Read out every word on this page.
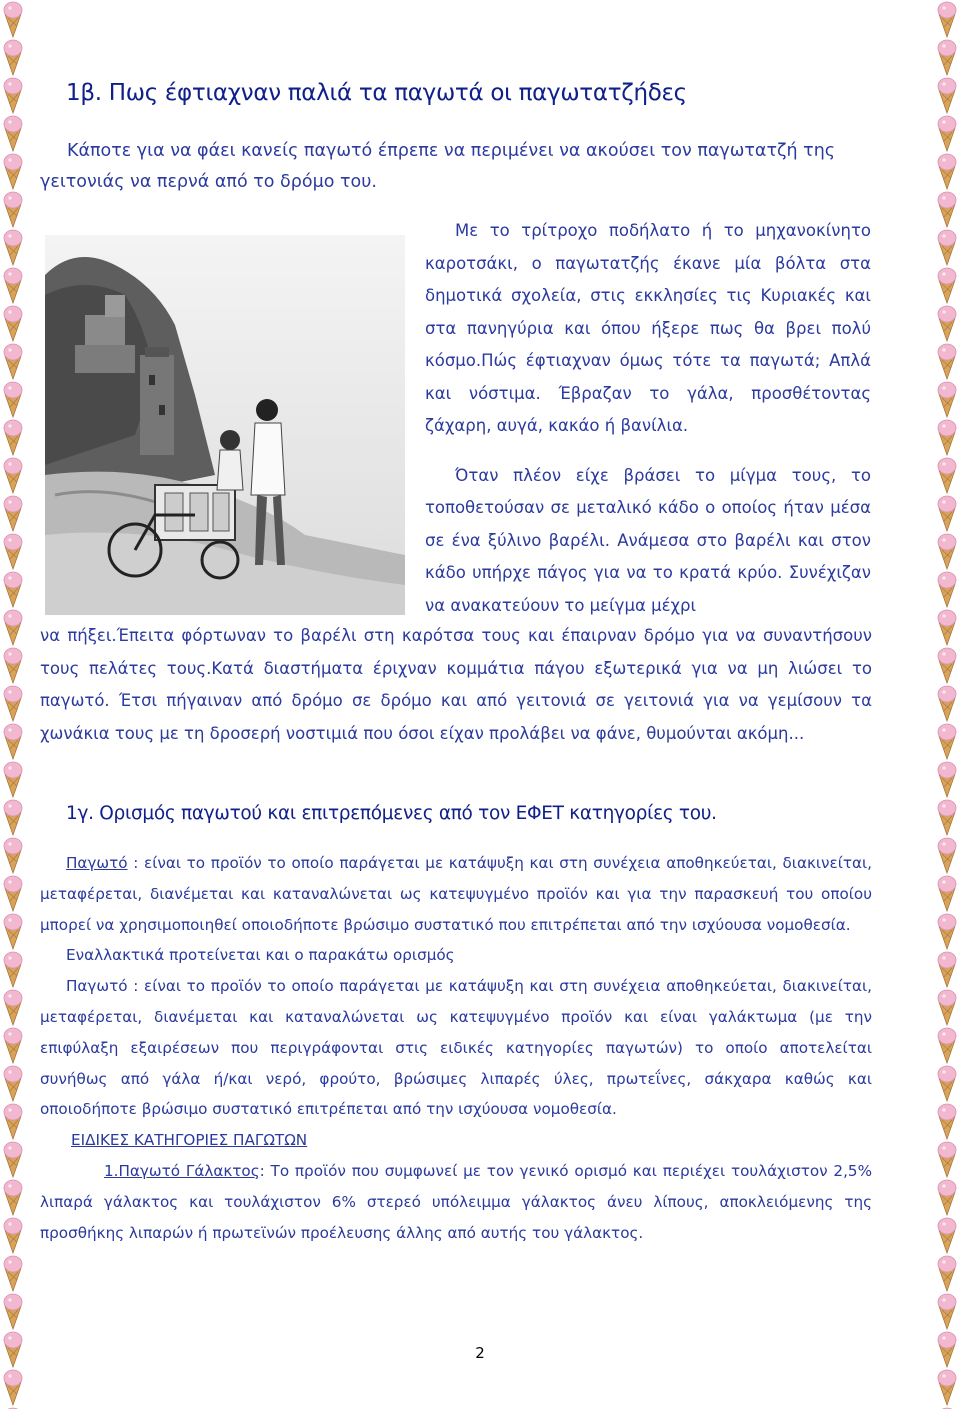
1β. Πως έφτιαχναν παλιά τα παγωτά οι παγωτατζήδες

Κάποτε για να φάει κανείς παγωτό έπρεπε να περιμένει να ακούσει τον παγωτατζή της γειτονιάς να περνά από το δρόμο του.

Με το τρίτροχο ποδήλατο ή το μηχανοκίνητο καροτσάκι, ο παγωτατζής έκανε μία βόλτα στα δημοτικά σχολεία, στις εκκλησίες τις Κυριακές και στα πανηγύρια και όπου ήξερε πως θα βρει πολύ κόσμο.Πώς έφτιαχναν όμως τότε τα παγωτά; Απλά και νόστιμα. Έβραζαν το γάλα, προσθέτοντας ζάχαρη, αυγά, κακάο ή βανίλια.

Όταν πλέον είχε βράσει το μίγμα τους, το τοποθετούσαν σε μεταλικό κάδο ο οποίος ήταν μέσα σε ένα ξύλινο βαρέλι. Ανάμεσα στο βαρέλι και στον κάδο υπήρχε πάγος για να το κρατά κρύο. Συνέχιζαν να ανακατεύουν το μείγμα μέχρι

να πήξει.Έπειτα φόρτωναν το βαρέλι στη καρότσα τους και έπαιρναν δρόμο για να συναντήσουν τους πελάτες τους.Κατά διαστήματα έριχναν κομμάτια πάγου εξωτερικά για να μη λιώσει το παγωτό. Έτσι πήγαιναν από δρόμο σε δρόμο και από γειτονιά σε γειτονιά για να γεμίσουν τα χωνάκια τους με τη δροσερή νοστιμιά που όσοι είχαν προλάβει να φάνε, θυμούνται ακόμη...

1γ. Ορισμός παγωτού και επιτρεπόμενες από τον ΕΦΕΤ κατηγορίες του.

Παγωτό : είναι το προϊόν το οποίο παράγεται με κατάψυξη και στη συνέχεια αποθηκεύεται, διακινείται, μεταφέρεται, διανέμεται και καταναλώνεται ως κατεψυγμένο προϊόν και για την παρασκευή του οποίου μπορεί να χρησιμοποιηθεί οποιοδήποτε βρώσιμο συστατικό που επιτρέπεται από την ισχύουσα νομοθεσία.

Εναλλακτικά προτείνεται και ο παρακάτω ορισμός

Παγωτό : είναι το προϊόν το οποίο παράγεται με κατάψυξη και στη συνέχεια αποθηκεύεται, διακινείται, μεταφέρεται, διανέμεται και καταναλώνεται ως κατεψυγμένο προϊόν και είναι γαλάκτωμα (με την επιφύλαξη εξαιρέσεων που περιγράφονται στις ειδικές κατηγορίες παγωτών) το οποίο αποτελείται συνήθως από γάλα ή/και νερό, φρούτο, βρώσιμες λιπαρές ύλες, πρωτεΐνες, σάκχαρα καθώς και οποιοδήποτε βρώσιμο συστατικό επιτρέπεται από την ισχύουσα νομοθεσία.

ΕΙΔΙΚΕΣ ΚΑΤΗΓΟΡΙΕΣ ΠΑΓΩΤΩΝ

1.Παγωτό Γάλακτος: Το προϊόν που συμφωνεί με τον γενικό ορισμό και περιέχει τουλάχιστον 2,5% λιπαρά γάλακτος και τουλάχιστον 6% στερεό υπόλειμμα γάλακτος άνευ λίπους, αποκλειόμενης της προσθήκης λιπαρών ή πρωτεϊνών προέλευσης άλλης από αυτής του γάλακτος.

2
